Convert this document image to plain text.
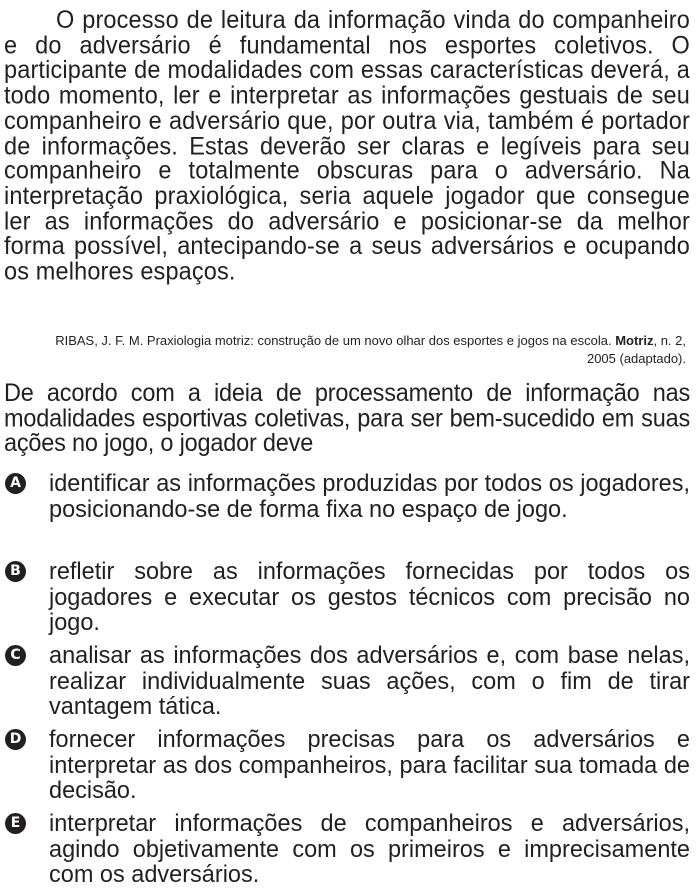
O processo de leitura da informação vinda do companheiro e do adversário é fundamental nos esportes coletivos. O participante de modalidades com essas características deverá, a todo momento, ler e interpretar as informações gestuais de seu companheiro e adversário que, por outra via, também é portador de informações. Estas deverão ser claras e legíveis para seu companheiro e totalmente obscuras para o adversário. Na interpretação praxiológica, seria aquele jogador que consegue ler as informações do adversário e posicionar-se da melhor forma possível, antecipando-se a seus adversários e ocupando os melhores espaços.

RIBAS, J. F. M. Praxiologia motriz: construção de um novo olhar dos esportes e jogos na escola. Motriz, n. 2, 2005 (adaptado).

De acordo com a ideia de processamento de informação nas modalidades esportivas coletivas, para ser bem-sucedido em suas ações no jogo, o jogador deve

A identificar as informações produzidas por todos os jogadores, posicionando-se de forma fixa no espaço de jogo.

B refletir sobre as informações fornecidas por todos os jogadores e executar os gestos técnicos com precisão no jogo.

C analisar as informações dos adversários e, com base nelas, realizar individualmente suas ações, com o fim de tirar vantagem tática.

D fornecer informações precisas para os adversários e interpretar as dos companheiros, para facilitar sua tomada de decisão.

E interpretar informações de companheiros e adversários, agindo objetivamente com os primeiros e imprecisamente com os adversários.
